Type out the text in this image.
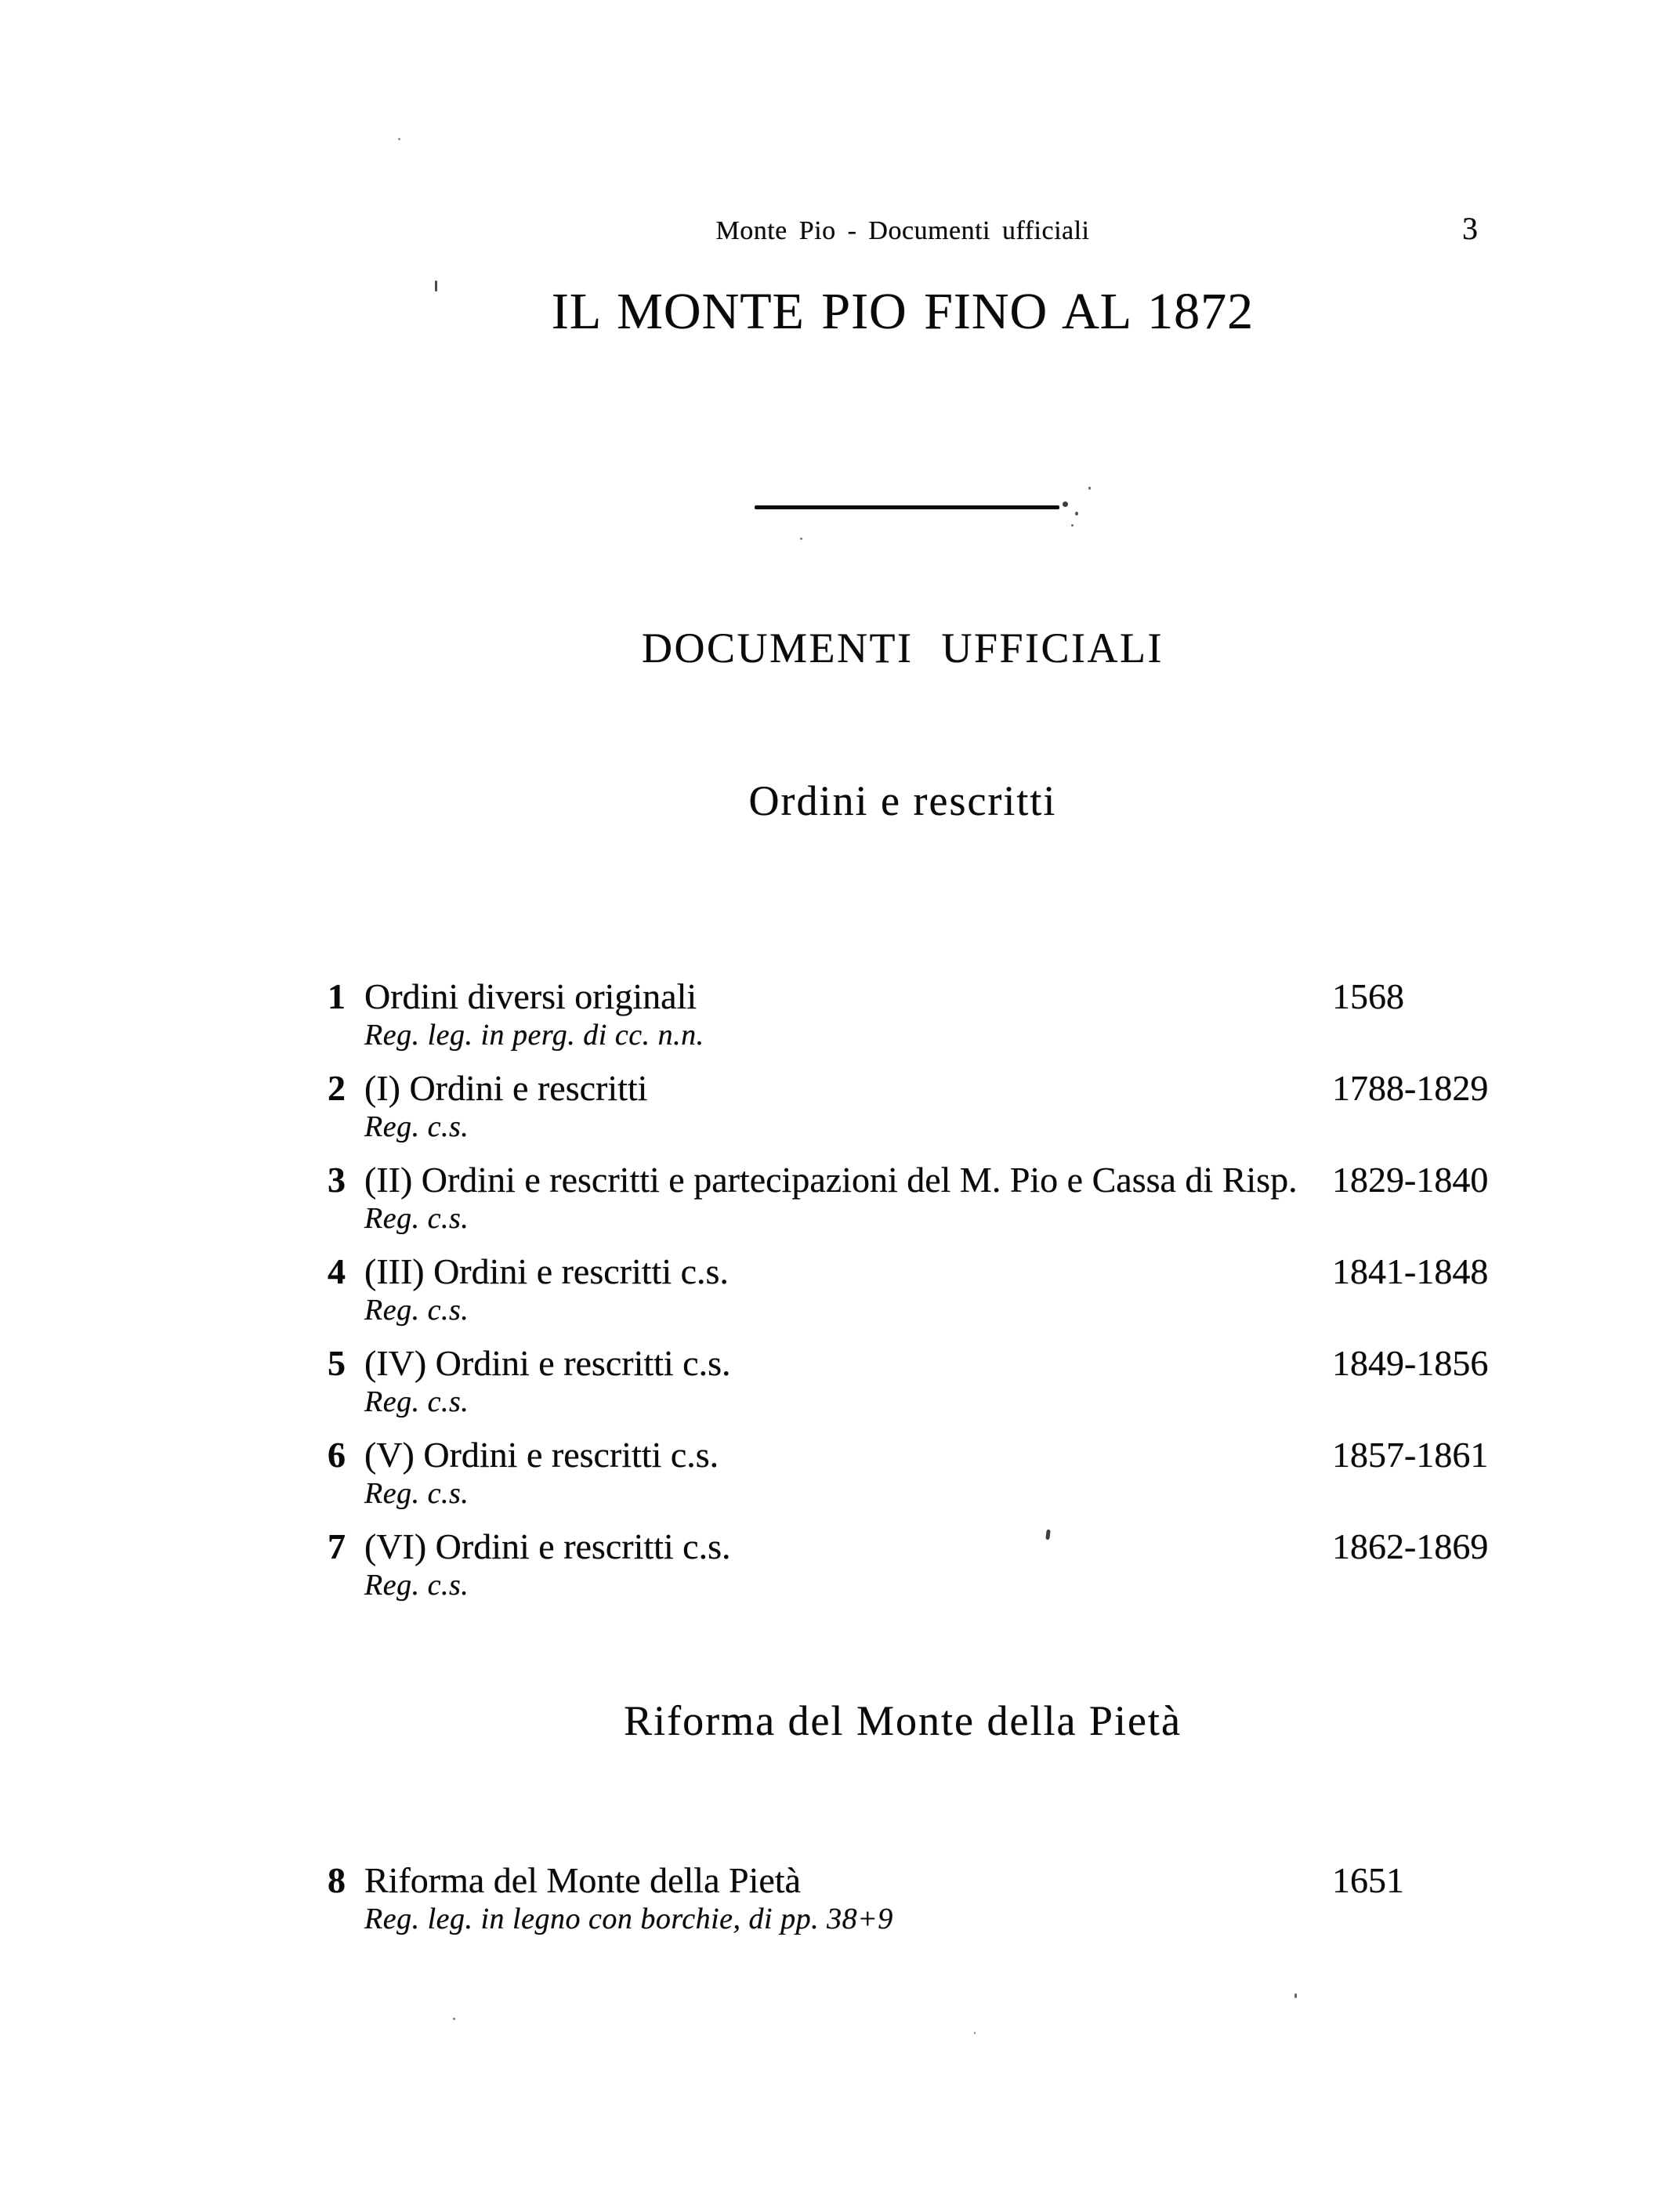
Monte Pio - Documenti ufficiali	3
IL MONTE PIO FINO AL 1872
DOCUMENTI UFFICIALI
Ordini e rescritti
1 Ordini diversi originali	1568
Reg. leg. in perg. di cc. n.n.
2 (I) Ordini e rescritti	1788-1829
Reg. c.s.
3 (II) Ordini e rescritti e partecipazioni del M. Pio e Cassa di Risp. 1829-1840
Reg. c.s.
4 (III) Ordini e rescritti c.s.	1841-1848
Reg. c.s.
5 (IV) Ordini e rescritti c.s.	1849-1856
Reg. c.s.
6 (V) Ordini e rescritti c.s.	1857-1861
Reg. c.s.
7 (VI) Ordini e rescritti c.s.	1862-1869
Reg. c.s.
Riforma del Monte della Pietà
8 Riforma del Monte della Pietà	1651
Reg. leg. in legno con borchie, di pp. 38+9
